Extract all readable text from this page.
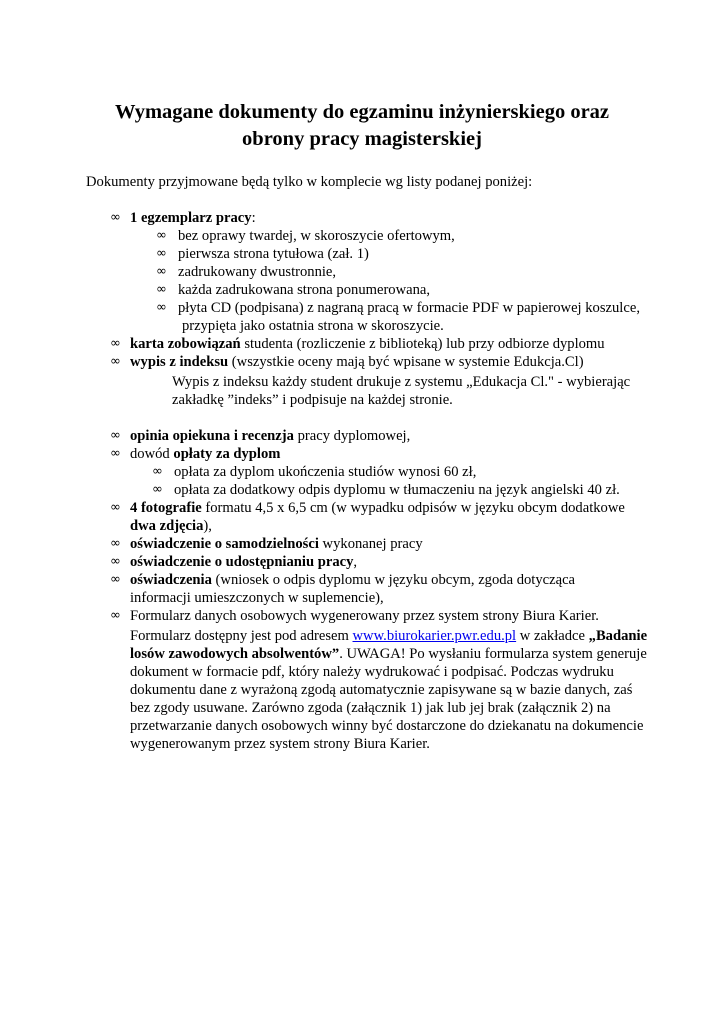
Wymagane dokumenty do egzaminu inżynierskiego oraz
obrony pracy magisterskiej
Dokumenty przyjmowane będą tylko w komplecie wg listy podanej poniżej:
∞ 1 egzemplarz pracy:
∞ bez oprawy twardej, w skoroszycie ofertowym,
∞ pierwsza strona tytułowa (zał. 1)
∞ zadrukowany dwustronnie,
∞ każda zadrukowana strona ponumerowana,
∞ płyta CD (podpisana) z nagraną pracą w formacie PDF w papierowej koszulce,
przypięta jako ostatnia strona w skoroszycie.
∞ karta zobowiązań studenta (rozliczenie z biblioteką) lub przy odbiorze dyplomu
∞ wypis z indeksu (wszystkie oceny mają być wpisane w systemie Edukcja.Cl)
Wypis z indeksu każdy student drukuje z systemu „Edukacja Cl." - wybierając zakładkę ”indeks” i podpisuje na każdej stronie.
∞ opinia opiekuna i recenzja pracy dyplomowej,
∞ dowód opłaty za dyplom
∞ opłata za dyplom ukończenia studiów wynosi 60 zł,
∞ opłata za dodatkowy odpis dyplomu w tłumaczeniu na język angielski 40 zł.
∞ 4 fotografie formatu 4,5 x 6,5 cm (w wypadku odpisów w języku obcym dodatkowe
dwa zdjęcia),
∞ oświadczenie o samodzielności wykonanej pracy
∞ oświadczenie o udostępnianiu pracy,
∞ oświadczenia (wniosek o odpis dyplomu w języku obcym, zgoda dotycząca
informacji umieszczonych w suplemencie),
∞ Formularz danych osobowych wygenerowany przez system strony Biura Karier.
Formularz dostępny jest pod adresem www.biurokarier.pwr.edu.pl w zakładce „Badanie losów zawodowych absolwentów”. UWAGA! Po wysłaniu formularza system generuje dokument w formacie pdf, który należy wydrukować i podpisać. Podczas wydruku dokumentu dane z wyrażoną zgodą automatycznie zapisywane są w bazie danych, zaś bez zgody usuwane. Zarówno zgoda (załącznik 1) jak lub jej brak (załącznik 2) na przetwarzanie danych osobowych winny być dostarczone do dziekanatu na dokumencie wygenerowanym przez system strony Biura Karier.
